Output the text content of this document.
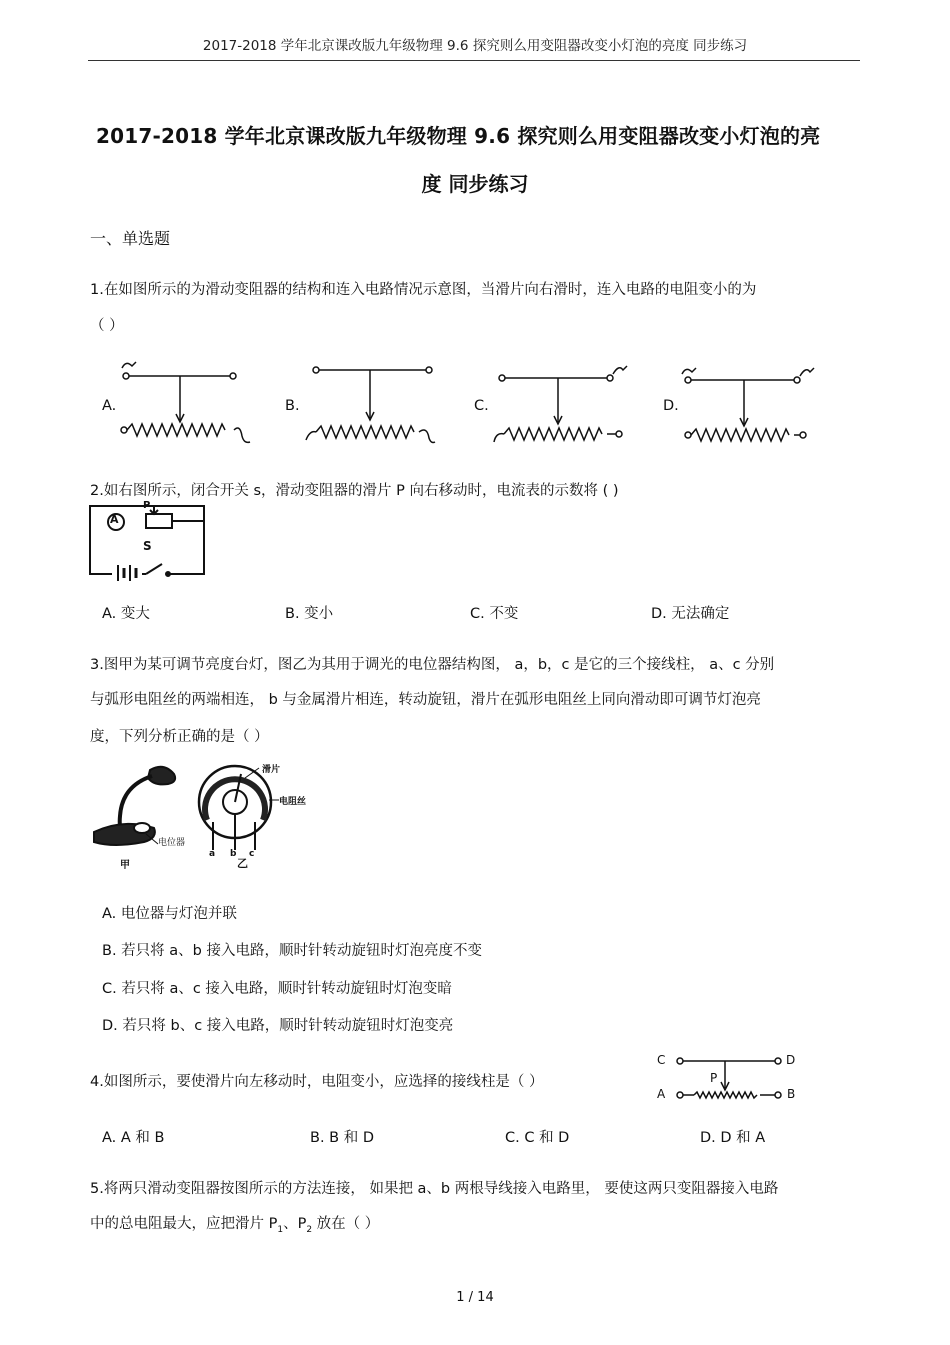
2017-2018 学年北京课改版九年级物理 9.6 探究则么用变阻器改变小灯泡的亮度 同步练习
2017-2018 学年北京课改版九年级物理 9.6 探究则么用变阻器改变小灯泡的亮
度 同步练习
一、单选题
1.在如图所示的为滑动变阻器的结构和连入电路情况示意图，当滑片向右滑时，连入电路的电阻变小的为
（ ）
A.	B.	C.	D.
2.如右图所示，闭合开关 s，滑动变阻器的滑片 P 向右移动时，电流表的示数将 ( )
A
P
S
A. 变大	B. 变小	C. 不变	D. 无法确定
3.图甲为某可调节亮度台灯，图乙为其用于调光的电位器结构图， a，b，c 是它的三个接线柱， a、c 分别
与弧形电阻丝的两端相连， b 与金属滑片相连，转动旋钮，滑片在弧形电阻丝上同向滑动即可调节灯泡亮
度，下列分析正确的是（ ）
电位器
甲
滑片
电阻丝
a b c
乙
A. 电位器与灯泡并联
B. 若只将 a、b 接入电路，顺时针转动旋钮时灯泡亮度不变
C. 若只将 a、c 接入电路，顺时针转动旋钮时灯泡变暗
D. 若只将 b、c 接入电路，顺时针转动旋钮时灯泡变亮
4.如图所示，要使滑片向左移动时，电阻变小，应选择的接线柱是（ ）
C	D
P
A	B
A. A 和 B	B. B 和 D	C. C 和 D	D. D 和 A
5.将两只滑动变阻器按图所示的方法连接， 如果把 a、b 两根导线接入电路里， 要使这两只变阻器接入电路
中的总电阻最大，应把滑片 $P_1$、$P_2$ 放在（ ）
1 / 14
